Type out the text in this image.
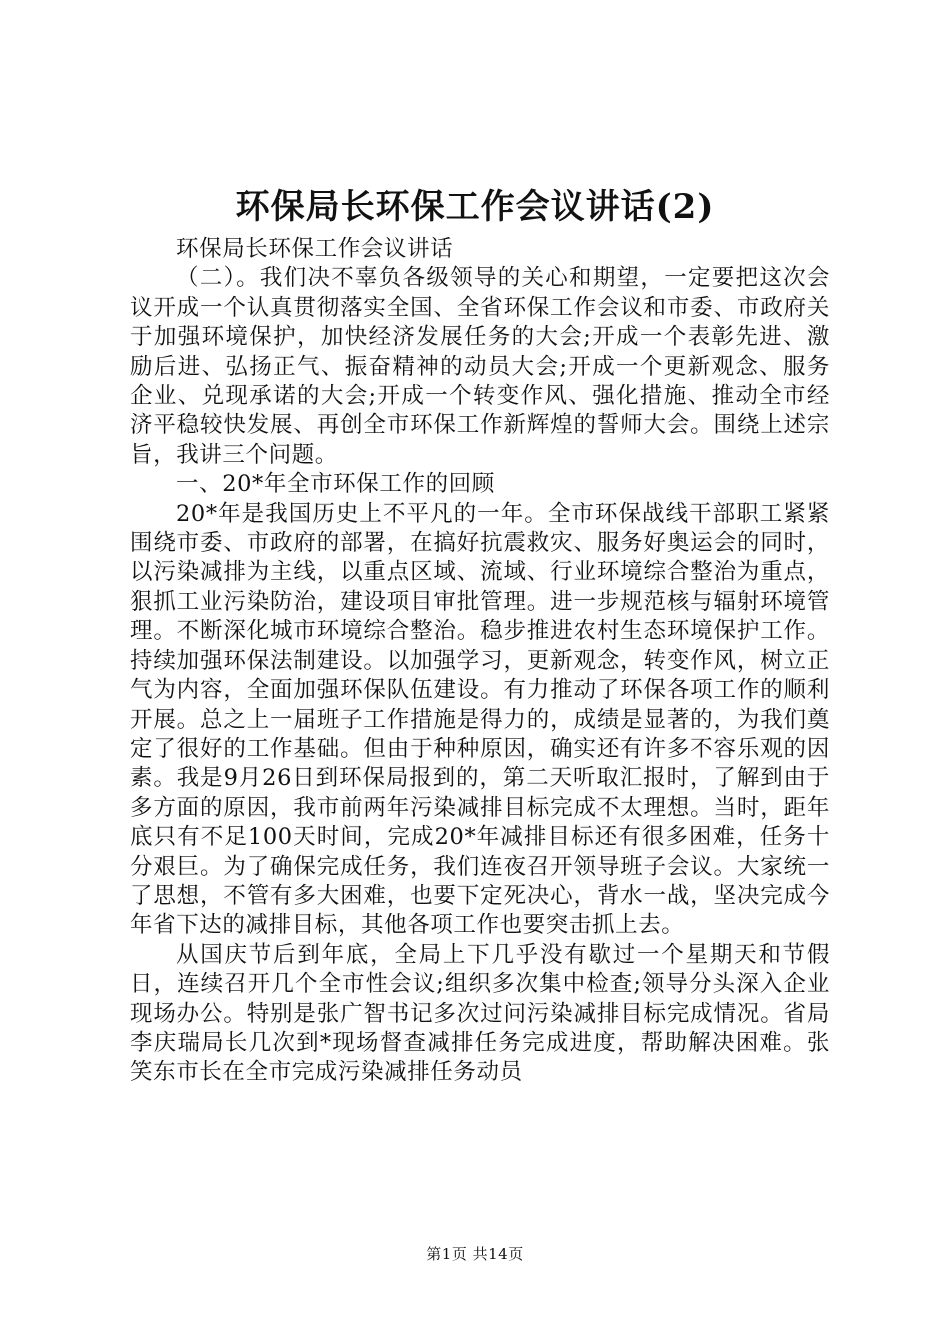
环保局长环保工作会议讲话(2)

环保局长环保工作会议讲话

（二）。我们决不辜负各级领导的关心和期望，一定要把这次会议开成一个认真贯彻落实全国、全省环保工作会议和市委、市政府关于加强环境保护，加快经济发展任务的大会;开成一个表彰先进、激励后进、弘扬正气、振奋精神的动员大会;开成一个更新观念、服务企业、兑现承诺的大会;开成一个转变作风、强化措施、推动全市经济平稳较快发展、再创全市环保工作新辉煌的誓师大会。围绕上述宗旨，我讲三个问题。

一、20*年全市环保工作的回顾

20*年是我国历史上不平凡的一年。全市环保战线干部职工紧紧围绕市委、市政府的部署，在搞好抗震救灾、服务好奥运会的同时，以污染减排为主线，以重点区域、流域、行业环境综合整治为重点，狠抓工业污染防治，建设项目审批管理。进一步规范核与辐射环境管理。不断深化城市环境综合整治。稳步推进农村生态环境保护工作。持续加强环保法制建设。以加强学习，更新观念，转变作风，树立正气为内容，全面加强环保队伍建设。有力推动了环保各项工作的顺利开展。总之上一届班子工作措施是得力的，成绩是显著的，为我们奠定了很好的工作基础。但由于种种原因，确实还有许多不容乐观的因素。我是9月26日到环保局报到的，第二天听取汇报时，了解到由于多方面的原因，我市前两年污染减排目标完成不太理想。当时，距年底只有不足100天时间，完成20*年减排目标还有很多困难，任务十分艰巨。为了确保完成任务，我们连夜召开领导班子会议。大家统一了思想，不管有多大困难，也要下定死决心，背水一战，坚决完成今年省下达的减排目标，其他各项工作也要突击抓上去。

从国庆节后到年底，全局上下几乎没有歇过一个星期天和节假日，连续召开几个全市性会议;组织多次集中检查;领导分头深入企业现场办公。特别是张广智书记多次过问污染减排目标完成情况。省局李庆瑞局长几次到*现场督查减排任务完成进度，帮助解决困难。张笑东市长在全市完成污染减排任务动员

第1页 共14页
